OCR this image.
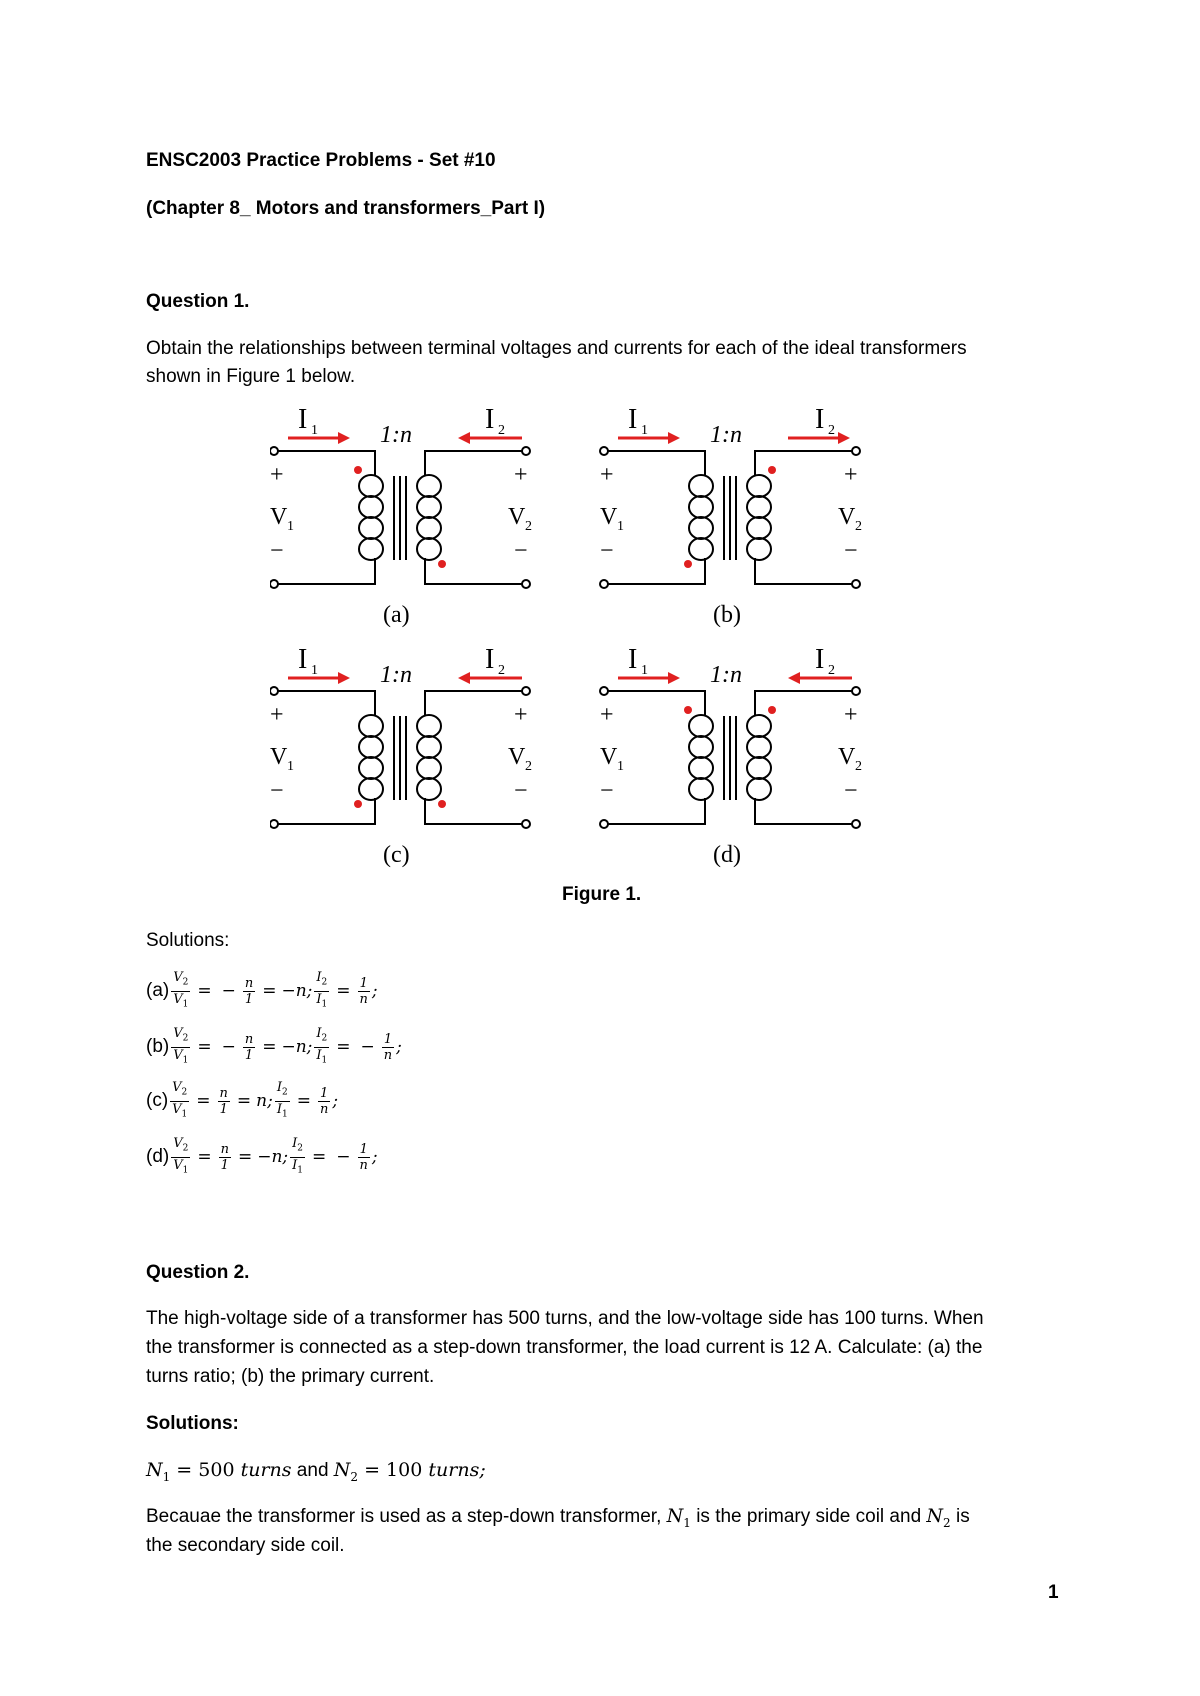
ENSC2003 Practice Problems - Set #10
(Chapter 8_ Motors and transformers_Part I)
Question 1.
Obtain the relationships between terminal voltages and currents for each of the ideal transformers
shown in Figure 1 below.
I 1	I 2
1:n
+
V 1
−
+
V 2
−
(a)
I 1	I 2
1:n
+
V 1
−
+
V 2
−
(b)
I 1	I 2
1:n
+
V 1
−
+
V 2
−
(c)
I 1	I 2
1:n
+
V 1
−
+
V 2
−
(d)
Figure 1.
Solutions:
$(a) \frac{V_2}{V_1}$ = − $\frac{n}{1} = -n$; $\frac{I_2}{I_1} = \frac{1}{n}$ ;
$(b) \frac{V_2}{V_1}$ = − $\frac{n}{1} = -n$; $\frac{I_2}{I_1}$ = − $\frac{1}{n}$ ;
$(c) \frac{V_2}{V_1} = \frac{n}{1} = n$; $\frac{I_2}{I_1} = \frac{1}{n}$ ;
$(d) \frac{V_2}{V_1} = \frac{n}{1} = -n$; $\frac{I_2}{I_1}$ = − $\frac{1}{n}$ ;
Question 2.
The high-voltage side of a transformer has 500 turns, and the low-voltage side has 100 turns. When
the transformer is connected as a step-down transformer, the load current is 12 A. Calculate: (a) the
turns ratio; (b) the primary current.
Solutions:
$N_1 = 500$ turns and $N_2 = 100$ turns;
Becauae the transformer is used as a step-down transformer, $N_1$ is the primary side coil and $N_2$ is
the secondary side coil.
1
